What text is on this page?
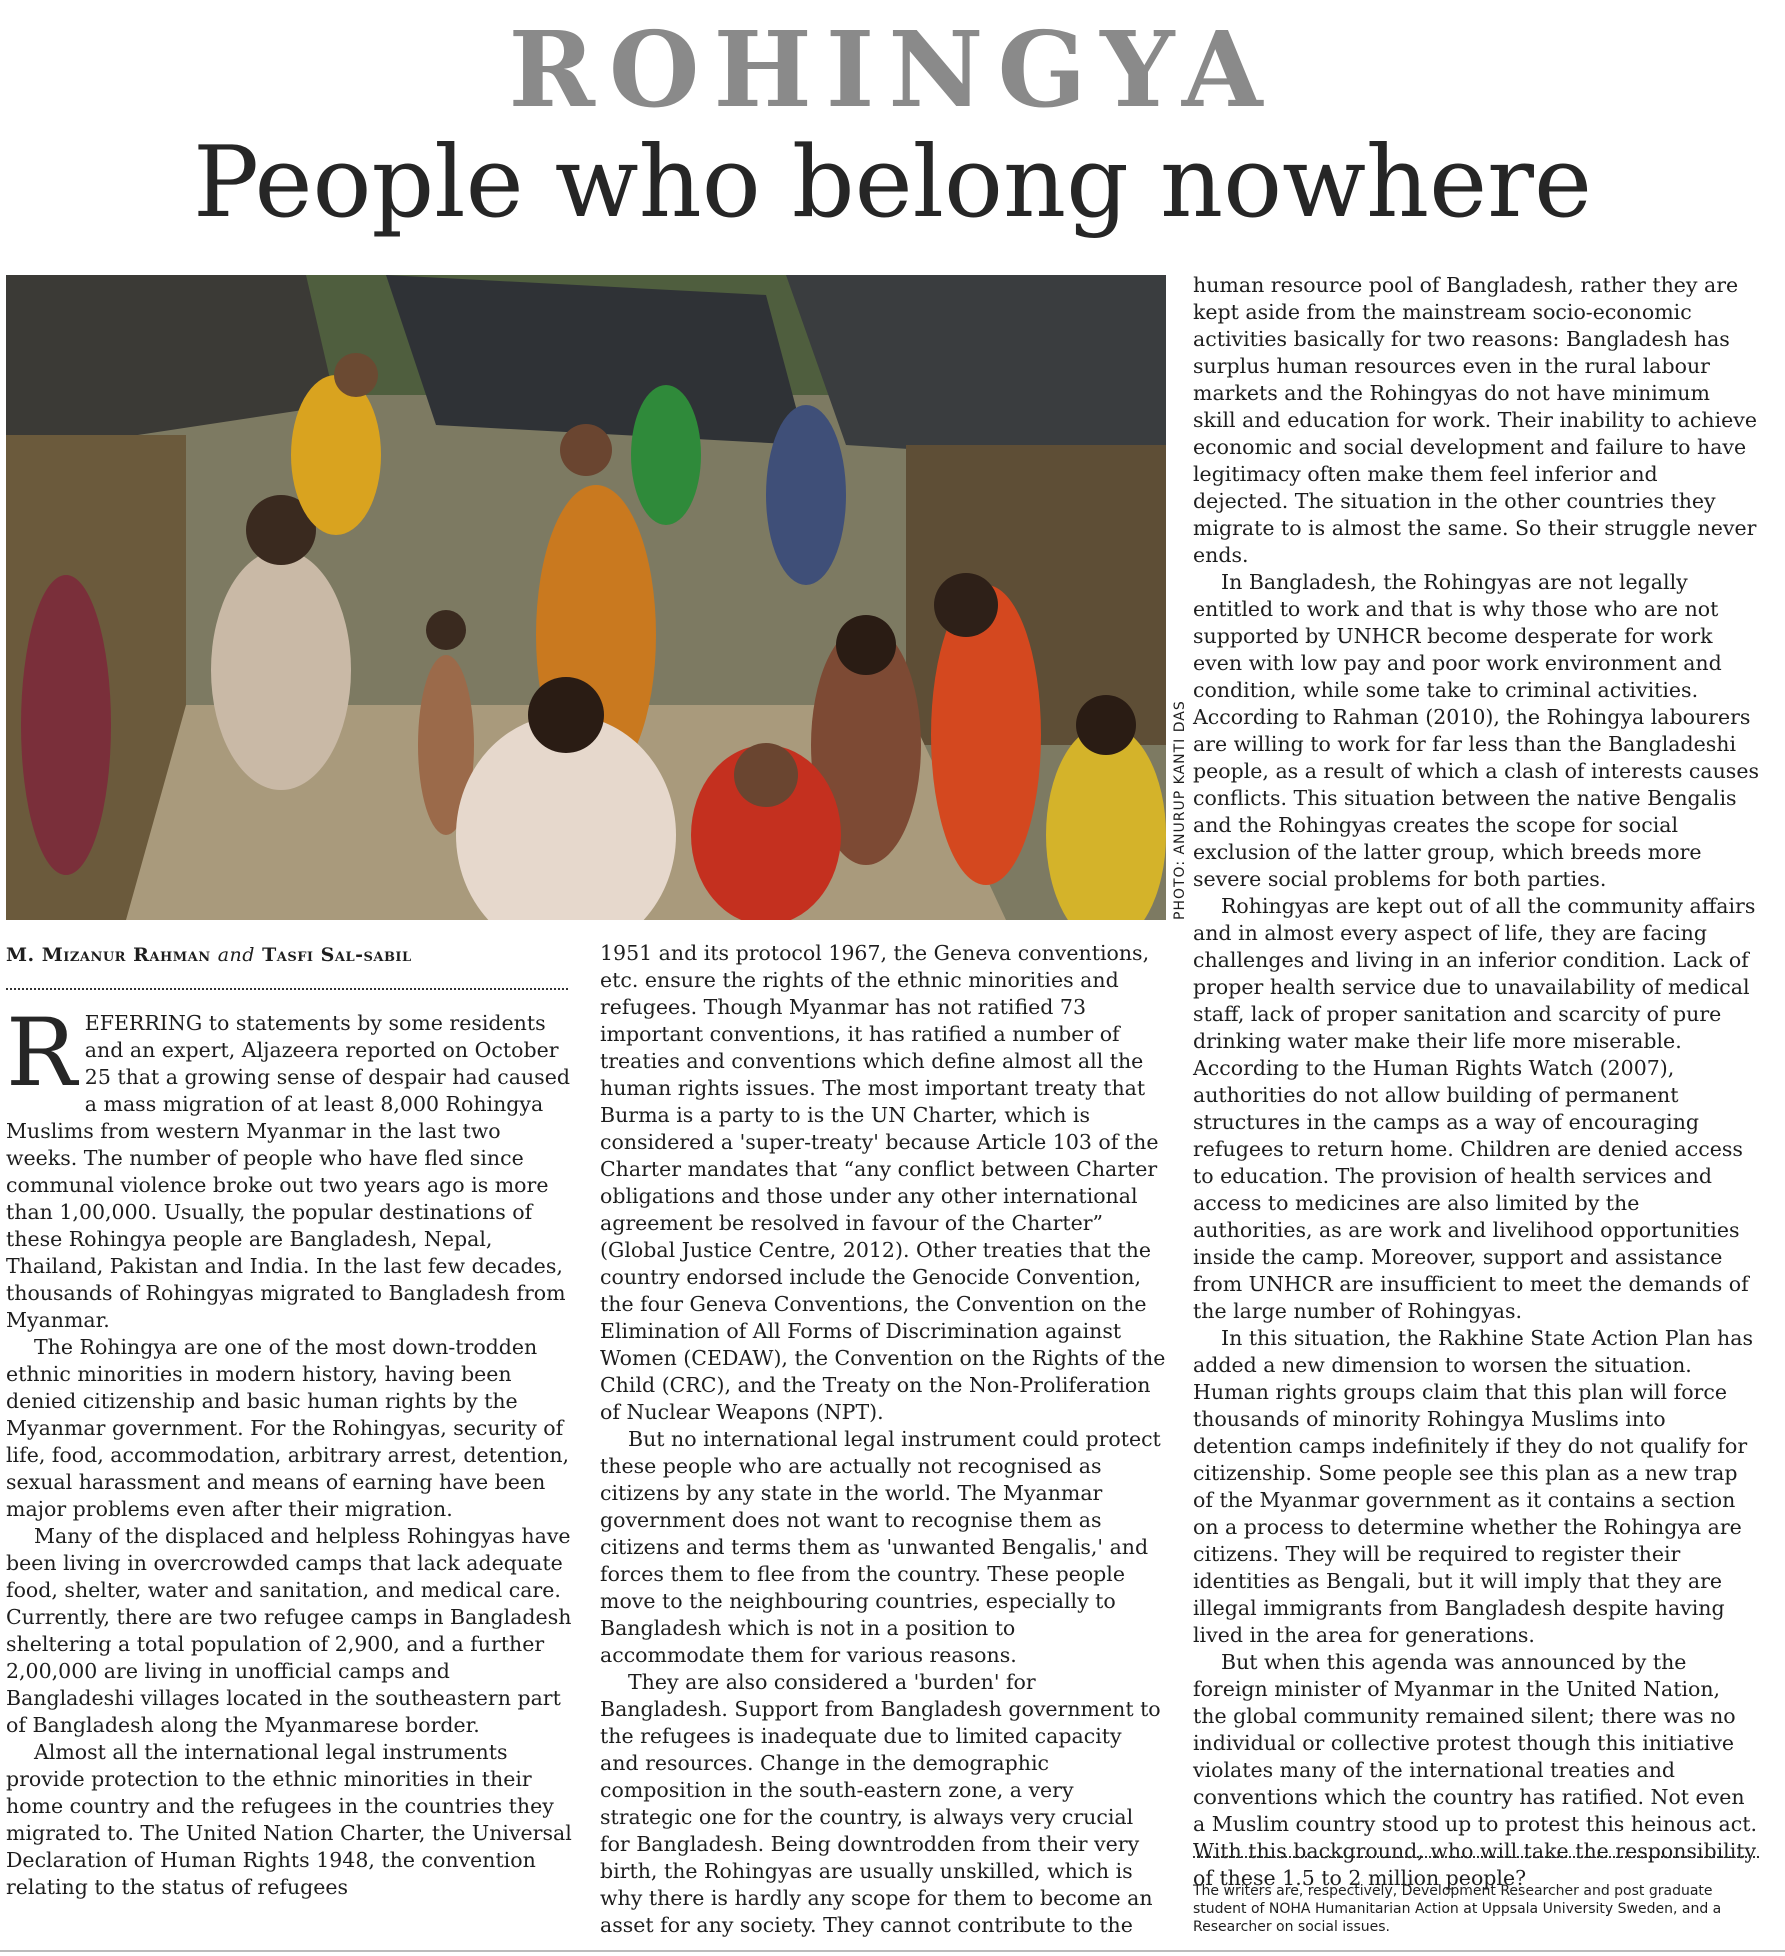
ROHINGYA
People who belong nowhere
PHOTO: ANURUP KANTI DAS
M. Mizanur Rahman and Tasfi Sal-sabil

REFERRING to statements by some residents and an expert, Aljazeera reported on October 25 that a growing sense of despair had caused a mass migration of at least 8,000 Rohingya Muslims from western Myanmar in the last two weeks. The number of people who have fled since communal violence broke out two years ago is more than 1,00,000. Usually, the popular destinations of these Rohingya people are Bangladesh, Nepal, Thailand, Pakistan and India. In the last few decades, thousands of Rohingyas migrated to Bangladesh from Myanmar.

The Rohingya are one of the most down-trodden ethnic minorities in modern history, having been denied citizenship and basic human rights by the Myanmar government. For the Rohingyas, security of life, food, accommodation, arbitrary arrest, detention, sexual harassment and means of earning have been major problems even after their migration.

Many of the displaced and helpless Rohingyas have been living in overcrowded camps that lack adequate food, shelter, water and sanitation, and medical care. Currently, there are two refugee camps in Bangladesh sheltering a total population of 2,900, and a further 2,00,000 are living in unofficial camps and Bangladeshi villages located in the southeastern part of Bangladesh along the Myanmarese border.

Almost all the international legal instruments provide protection to the ethnic minorities in their home country and the refugees in the countries they migrated to. The United Nation Charter, the Universal Declaration of Human Rights 1948, the convention relating to the status of refugees

1951 and its protocol 1967, the Geneva conventions, etc. ensure the rights of the ethnic minorities and refugees. Though Myanmar has not ratified 73 important conventions, it has ratified a number of treaties and conventions which define almost all the human rights issues. The most important treaty that Burma is a party to is the UN Charter, which is considered a 'super-treaty' because Article 103 of the Charter mandates that “any conflict between Charter obligations and those under any other international agreement be resolved in favour of the Charter” (Global Justice Centre, 2012). Other treaties that the country endorsed include the Genocide Convention, the four Geneva Conventions, the Convention on the Elimination of All Forms of Discrimination against Women (CEDAW), the Convention on the Rights of the Child (CRC), and the Treaty on the Non-Proliferation of Nuclear Weapons (NPT).

But no international legal instrument could protect these people who are actually not recognised as citizens by any state in the world. The Myanmar government does not want to recognise them as citizens and terms them as 'unwanted Bengalis,' and forces them to flee from the country. These people move to the neighbouring countries, especially to Bangladesh which is not in a position to accommodate them for various reasons.

They are also considered a 'burden' for Bangladesh. Support from Bangladesh government to the refugees is inadequate due to limited capacity and resources. Change in the demographic composition in the south-eastern zone, a very strategic one for the country, is always very crucial for Bangladesh. Being downtrodden from their very birth, the Rohingyas are usually unskilled, which is why there is hardly any scope for them to become an asset for any society. They cannot contribute to the

human resource pool of Bangladesh, rather they are kept aside from the mainstream socio-economic activities basically for two reasons: Bangladesh has surplus human resources even in the rural labour markets and the Rohingyas do not have minimum skill and education for work. Their inability to achieve economic and social development and failure to have legitimacy often make them feel inferior and dejected. The situation in the other countries they migrate to is almost the same. So their struggle never ends.

In Bangladesh, the Rohingyas are not legally entitled to work and that is why those who are not supported by UNHCR become desperate for work even with low pay and poor work environment and condition, while some take to criminal activities. According to Rahman (2010), the Rohingya labourers are willing to work for far less than the Bangladeshi people, as a result of which a clash of interests causes conflicts. This situation between the native Bengalis and the Rohingyas creates the scope for social exclusion of the latter group, which breeds more severe social problems for both parties.

Rohingyas are kept out of all the community affairs and in almost every aspect of life, they are facing challenges and living in an inferior condition. Lack of proper health service due to unavailability of medical staff, lack of proper sanitation and scarcity of pure drinking water make their life more miserable. According to the Human Rights Watch (2007), authorities do not allow building of permanent structures in the camps as a way of encouraging refugees to return home. Children are denied access to education. The provision of health services and access to medicines are also limited by the authorities, as are work and livelihood opportunities inside the camp. Moreover, support and assistance from UNHCR are insufficient to meet the demands of the large number of Rohingyas.

In this situation, the Rakhine State Action Plan has added a new dimension to worsen the situation. Human rights groups claim that this plan will force thousands of minority Rohingya Muslims into detention camps indefinitely if they do not qualify for citizenship. Some people see this plan as a new trap of the Myanmar government as it contains a section on a process to determine whether the Rohingya are citizens. They will be required to register their identities as Bengali, but it will imply that they are illegal immigrants from Bangladesh despite having lived in the area for generations.

But when this agenda was announced by the foreign minister of Myanmar in the United Nation, the global community remained silent; there was no individual or collective protest though this initiative violates many of the international treaties and conventions which the country has ratified. Not even a Muslim country stood up to protest this heinous act. With this background, who will take the responsibility of these 1.5 to 2 million people?

The writers are, respectively, Development Researcher and post graduate student of NOHA Humanitarian Action at Uppsala University Sweden, and a Researcher on social issues.
